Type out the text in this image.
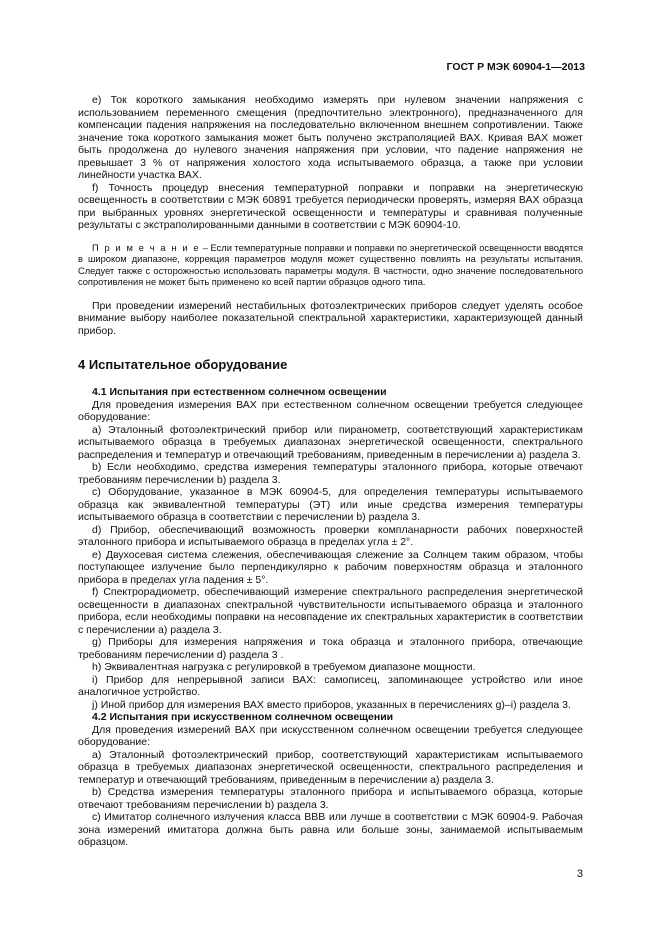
ГОСТ Р МЭК 60904-1—2013

е) Ток короткого замыкания необходимо измерять при нулевом значении напряжения с использованием переменного смещения (предпочтительно электронного), предназначенного для компенсации падения напряжения на последовательно включенном внешнем сопротивлении. Также значение тока короткого замыкания может быть получено экстраполяцией ВАХ. Кривая ВАХ может быть продолжена до нулевого значения напряжения при условии, что падение напряжения не превышает 3 % от напряжения холостого хода испытываемого образца, а также при условии линейности участка ВАХ.

f) Точность процедур внесения температурной поправки и поправки на энергетическую освещенность в соответствии с МЭК 60891 требуется периодически проверять, измеряя ВАХ образца при выбранных уровнях энергетической освещенности и температуры и сравнивая полученные результаты с экстраполированными данными в соответствии с МЭК 60904-10.

П р и м е ч а н и е – Если температурные поправки и поправки по энергетической освещенности вводятся в широком диапазоне, коррекция параметров модуля может существенно повлиять на результаты испытания. Следует также с осторожностью использовать параметры модуля. В частности, одно значение последовательного сопротивления не может быть применено ко всей партии образцов одного типа.

При проведении измерений нестабильных фотоэлектрических приборов следует уделять особое внимание выбору наиболее показательной спектральной характеристики, характеризующей данный прибор.

4 Испытательное оборудование

4.1 Испытания при естественном солнечном освещении

Для проведения измерения ВАХ при естественном солнечном освещении требуется следующее оборудование:

а) Эталонный фотоэлектрический прибор или пиранометр, соответствующий характеристикам испытываемого образца в требуемых диапазонах энергетической освещенности, спектрального распределения и температур и отвечающий требованиям, приведенным в перечислении а) раздела 3.

b) Если необходимо, средства измерения температуры эталонного прибора, которые отвечают требованиям перечислении b) раздела 3.

с) Оборудование, указанное в МЭК 60904-5, для определения температуры испытываемого образца как эквивалентной температуры (ЭТ) или иные средства измерения температуры испытываемого образца в соответствии с перечислении b) раздела 3.

d) Прибор, обеспечивающий возможность проверки компланарности рабочих поверхностей эталонного прибора и испытываемого образца в пределах угла ± 2°.

е) Двухосевая система слежения, обеспечивающая слежение за Солнцем таким образом, чтобы поступающее излучение было перпендикулярно к рабочим поверхностям образца и эталонного прибора в пределах угла падения ± 5°.

f) Спектрорадиометр, обеспечивающий измерение спектрального распределения энергетической освещенности в диапазонах спектральной чувствительности испытываемого образца и эталонного прибора, если необходимы поправки на несовпадение их спектральных характеристик в соответствии с перечислении а) раздела 3.

g) Приборы для измерения напряжения и тока образца и эталонного прибора, отвечающие требованиям перечислении d) раздела 3 .

h) Эквивалентная нагрузка с регулировкой в требуемом диапазоне мощности.

i) Прибор для непрерывной записи ВАХ: самописец, запоминающее устройство или иное аналогичное устройство.

j) Иной прибор для измерения ВАХ вместо приборов, указанных в перечислениях g)–i) раздела 3.

4.2 Испытания при искусственном солнечном освещении

Для проведения измерений ВАХ при искусственном солнечном освещении требуется следующее оборудование:

а) Эталонный фотоэлектрический прибор, соответствующий характеристикам испытываемого образца в требуемых диапазонах энергетической освещенности, спектрального распределения и температур и отвечающий требованиям, приведенным в перечислении а) раздела 3.

b) Средства измерения температуры эталонного прибора и испытываемого образца, которые отвечают требованиям перечислении b) раздела 3.

с) Имитатор солнечного излучения класса ВВВ или лучше в соответствии с МЭК 60904-9. Рабочая зона измерений имитатора должна быть равна или больше зоны, занимаемой испытываемым образцом.

3
